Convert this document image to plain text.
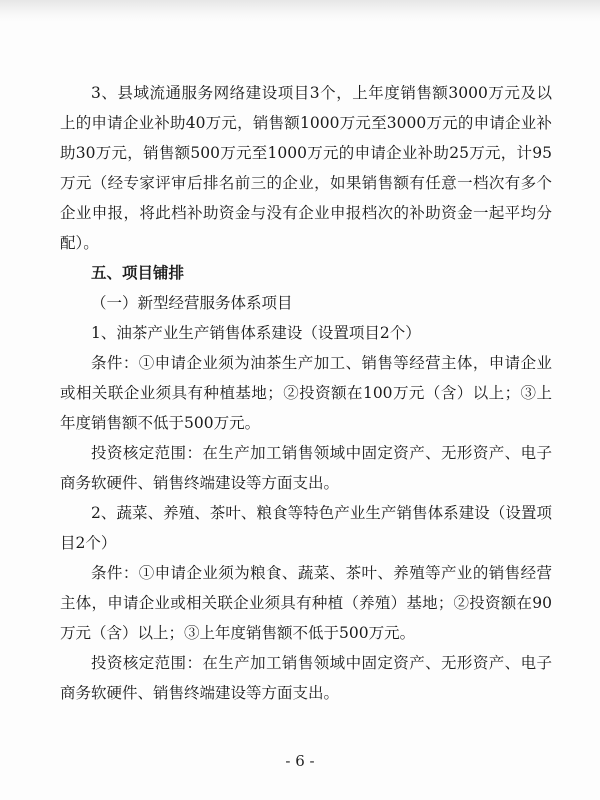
3、县域流通服务网络建设项目3个，上年度销售额3000万元及以上的申请企业补助40万元，销售额1000万元至3000万元的申请企业补助30万元，销售额500万元至1000万元的申请企业补助25万元，计95万元（经专家评审后排名前三的企业，如果销售额有任意一档次有多个企业申报，将此档补助资金与没有企业申报档次的补助资金一起平均分配）。

五、项目铺排

（一）新型经营服务体系项目

1、油茶产业生产销售体系建设（设置项目2个）

条件：①申请企业须为油茶生产加工、销售等经营主体，申请企业或相关联企业须具有种植基地；②投资额在100万元（含）以上；③上年度销售额不低于500万元。

投资核定范围：在生产加工销售领域中固定资产、无形资产、电子商务软硬件、销售终端建设等方面支出。

2、蔬菜、养殖、茶叶、粮食等特色产业生产销售体系建设（设置项目2个）

条件：①申请企业须为粮食、蔬菜、茶叶、养殖等产业的销售经营主体，申请企业或相关联企业须具有种植（养殖）基地；②投资额在90万元（含）以上；③上年度销售额不低于500万元。

投资核定范围：在生产加工销售领域中固定资产、无形资产、电子商务软硬件、销售终端建设等方面支出。

- 6 -
